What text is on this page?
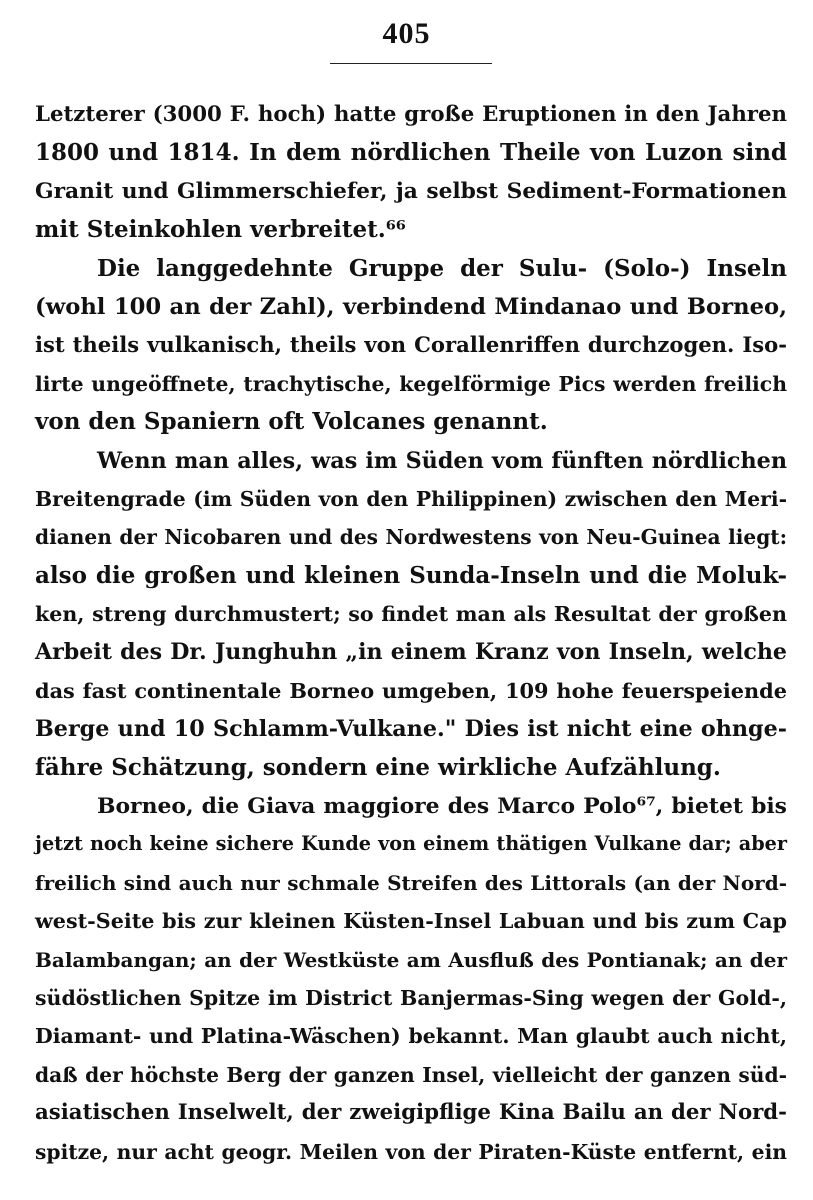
405
Letzterer (3000 F. hoch) hatte große Eruptionen in den Jahren
1800 und 1814. In dem nördlichen Theile von Luzon sind
Granit und Glimmerschiefer, ja selbst Sediment-Formationen
mit Steinkohlen verbreitet.⁶⁶
Die langgedehnte Gruppe der Sulu- (Solo-) Inseln
(wohl 100 an der Zahl), verbindend Mindanao und Borneo,
ist theils vulkanisch, theils von Corallenriffen durchzogen. Iso-
lirte ungeöffnete, trachytische, kegelförmige Pics werden freilich
von den Spaniern oft Volcanes genannt.
Wenn man alles, was im Süden vom fünften nördlichen
Breitengrade (im Süden von den Philippinen) zwischen den Meri-
dianen der Nicobaren und des Nordwestens von Neu-Guinea liegt:
also die großen und kleinen Sunda-Inseln und die Moluk-
ken, streng durchmustert; so findet man als Resultat der großen
Arbeit des Dr. Junghuhn „in einem Kranz von Inseln, welche
das fast continentale Borneo umgeben, 109 hohe feuerspeiende
Berge und 10 Schlamm-Vulkane." Dies ist nicht eine ohnge-
fähre Schätzung, sondern eine wirkliche Aufzählung.
Borneo, die Giava maggiore des Marco Polo⁶⁷, bietet bis
jetzt noch keine sichere Kunde von einem thätigen Vulkane dar; aber
freilich sind auch nur schmale Streifen des Littorals (an der Nord-
west-Seite bis zur kleinen Küsten-Insel Labuan und bis zum Cap
Balambangan; an der Westküste am Ausfluß des Pontianak; an der
südöstlichen Spitze im District Banjermas-Sing wegen der Gold-,
Diamant- und Platina-Wäschen) bekannt. Man glaubt auch nicht,
daß der höchste Berg der ganzen Insel, vielleicht der ganzen süd-
asiatischen Inselwelt, der zweigipflige Kina Bailu an der Nord-
spitze, nur acht geogr. Meilen von der Piraten-Küste entfernt, ein
